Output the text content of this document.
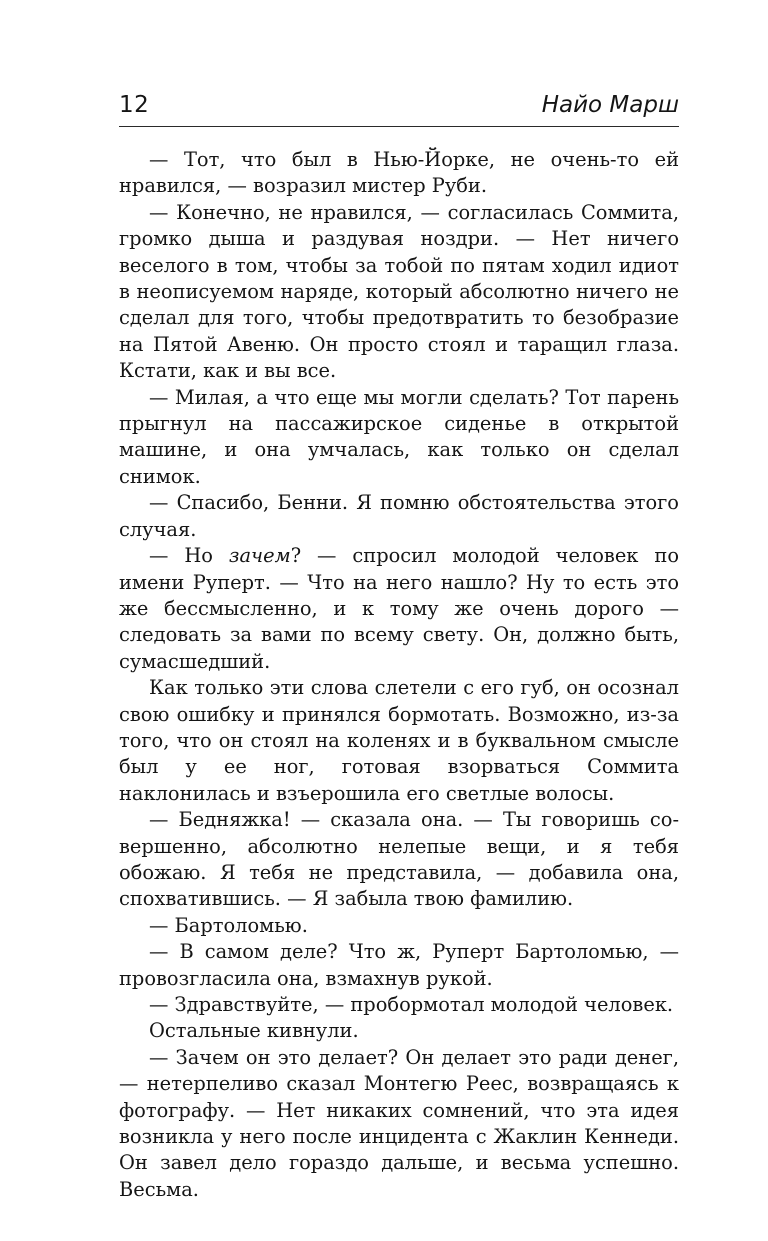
12	Найо Марш

— Тот, что был в Нью-Йорке, не очень-то ей нравился, — возразил мистер Руби.

— Конечно, не нравился, — согласилась Соммита, громко дыша и раздувая ноздри. — Нет ничего веселого в том, чтобы за тобой по пятам ходил идиот в неописуемом наряде, который абсолютно ничего не сделал для того, чтобы предотвратить то безобразие на Пятой Авеню. Он просто стоял и таращил глаза. Кстати, как и вы все.

— Милая, а что еще мы могли сделать? Тот парень прыгнул на пассажирское сиденье в открытой машине, и она умчалась, как только он сделал снимок.

— Спасибо, Бенни. Я помню обстоятельства этого случая.

— Но зачем? — спросил молодой человек по имени Руперт. — Что на него нашло? Ну то есть это же бессмысленно, и к тому же очень дорого — следовать за вами по всему свету. Он, должно быть, сумасшедший.

Как только эти слова слетели с его губ, он осознал свою ошибку и принялся бормотать. Возможно, из-за того, что он стоял на коленях и в буквальном смысле был у ее ног, готовая взорваться Соммита наклонилась и взъерошила его светлые волосы.

— Бедняжка! — сказала она. — Ты говоришь совершенно, абсолютно нелепые вещи, и я тебя обожаю. Я тебя не представила, — добавила она, спохватившись. — Я забыла твою фамилию.

— Бартоломью.

— В самом деле? Что ж, Руперт Бартоломью, — провозгласила она, взмахнув рукой.

— Здравствуйте, — пробормотал молодой человек.

Остальные кивнули.

— Зачем он это делает? Он делает это ради денег, — нетерпеливо сказал Монтегю Реес, возвращаясь к фотографу. — Нет никаких сомнений, что эта идея возникла у него после инцидента с Жаклин Кеннеди. Он завел дело гораздо дальше, и весьма успешно. Весьма.
